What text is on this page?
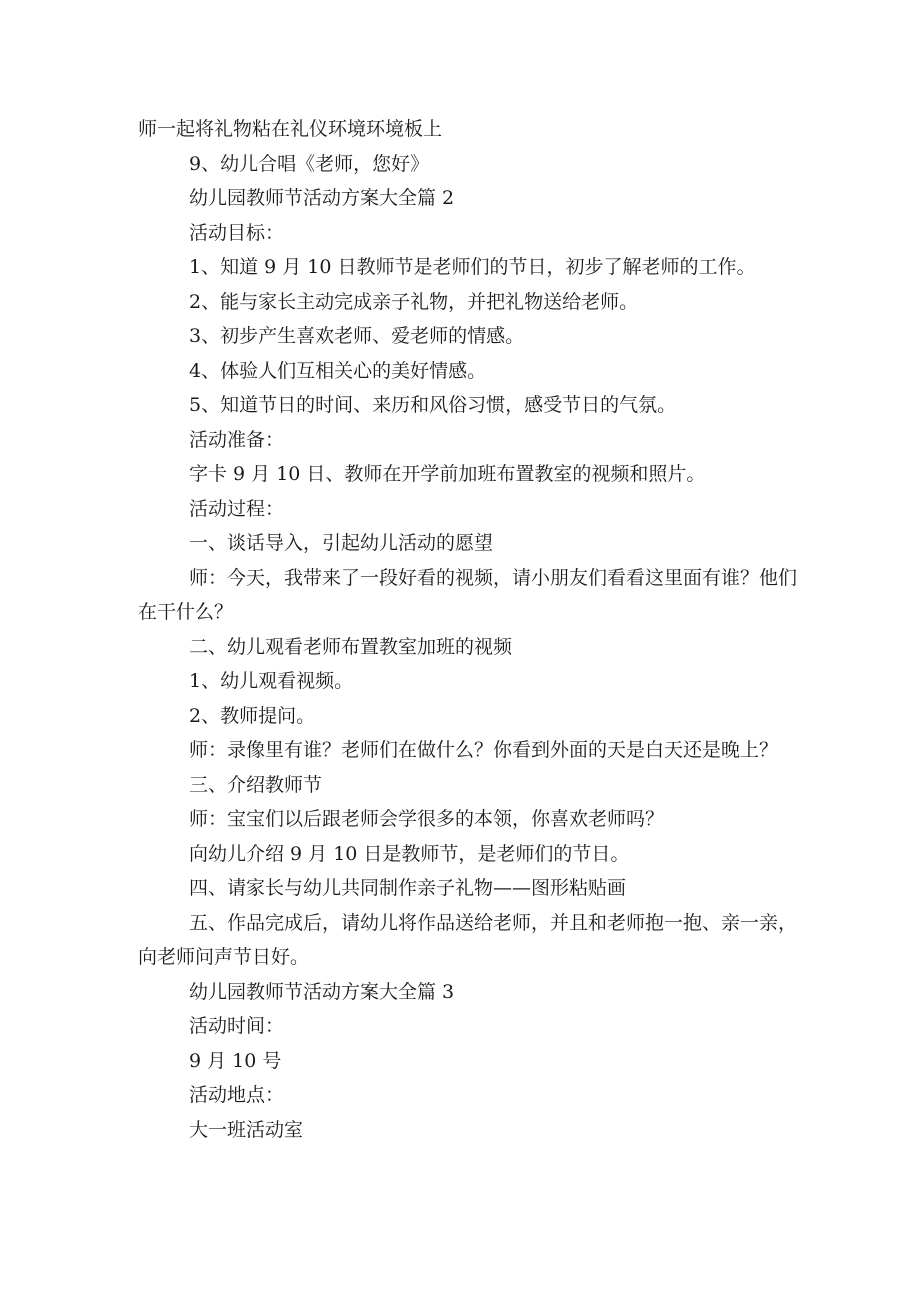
师一起将礼物粘在礼仪环境环境板上

9、幼儿合唱《老师，您好》

幼儿园教师节活动方案大全篇 2

活动目标：

1、知道 9 月 10 日教师节是老师们的节日，初步了解老师的工作。

2、能与家长主动完成亲子礼物，并把礼物送给老师。

3、初步产生喜欢老师、爱老师的情感。

4、体验人们互相关心的美好情感。

5、知道节日的时间、来历和风俗习惯，感受节日的气氛。

活动准备：

字卡 9 月 10 日、教师在开学前加班布置教室的视频和照片。

活动过程：

一、谈话导入，引起幼儿活动的愿望

师：今天，我带来了一段好看的视频，请小朋友们看看这里面有谁？他们在干什么？

二、幼儿观看老师布置教室加班的视频

1、幼儿观看视频。

2、教师提问。

师：录像里有谁？老师们在做什么？你看到外面的天是白天还是晚上？

三、介绍教师节

师：宝宝们以后跟老师会学很多的本领，你喜欢老师吗？

向幼儿介绍 9 月 10 日是教师节，是老师们的节日。

四、请家长与幼儿共同制作亲子礼物——图形粘贴画

五、作品完成后，请幼儿将作品送给老师，并且和老师抱一抱、亲一亲，向老师问声节日好。

幼儿园教师节活动方案大全篇 3

活动时间：

9 月 10 号

活动地点：

大一班活动室
